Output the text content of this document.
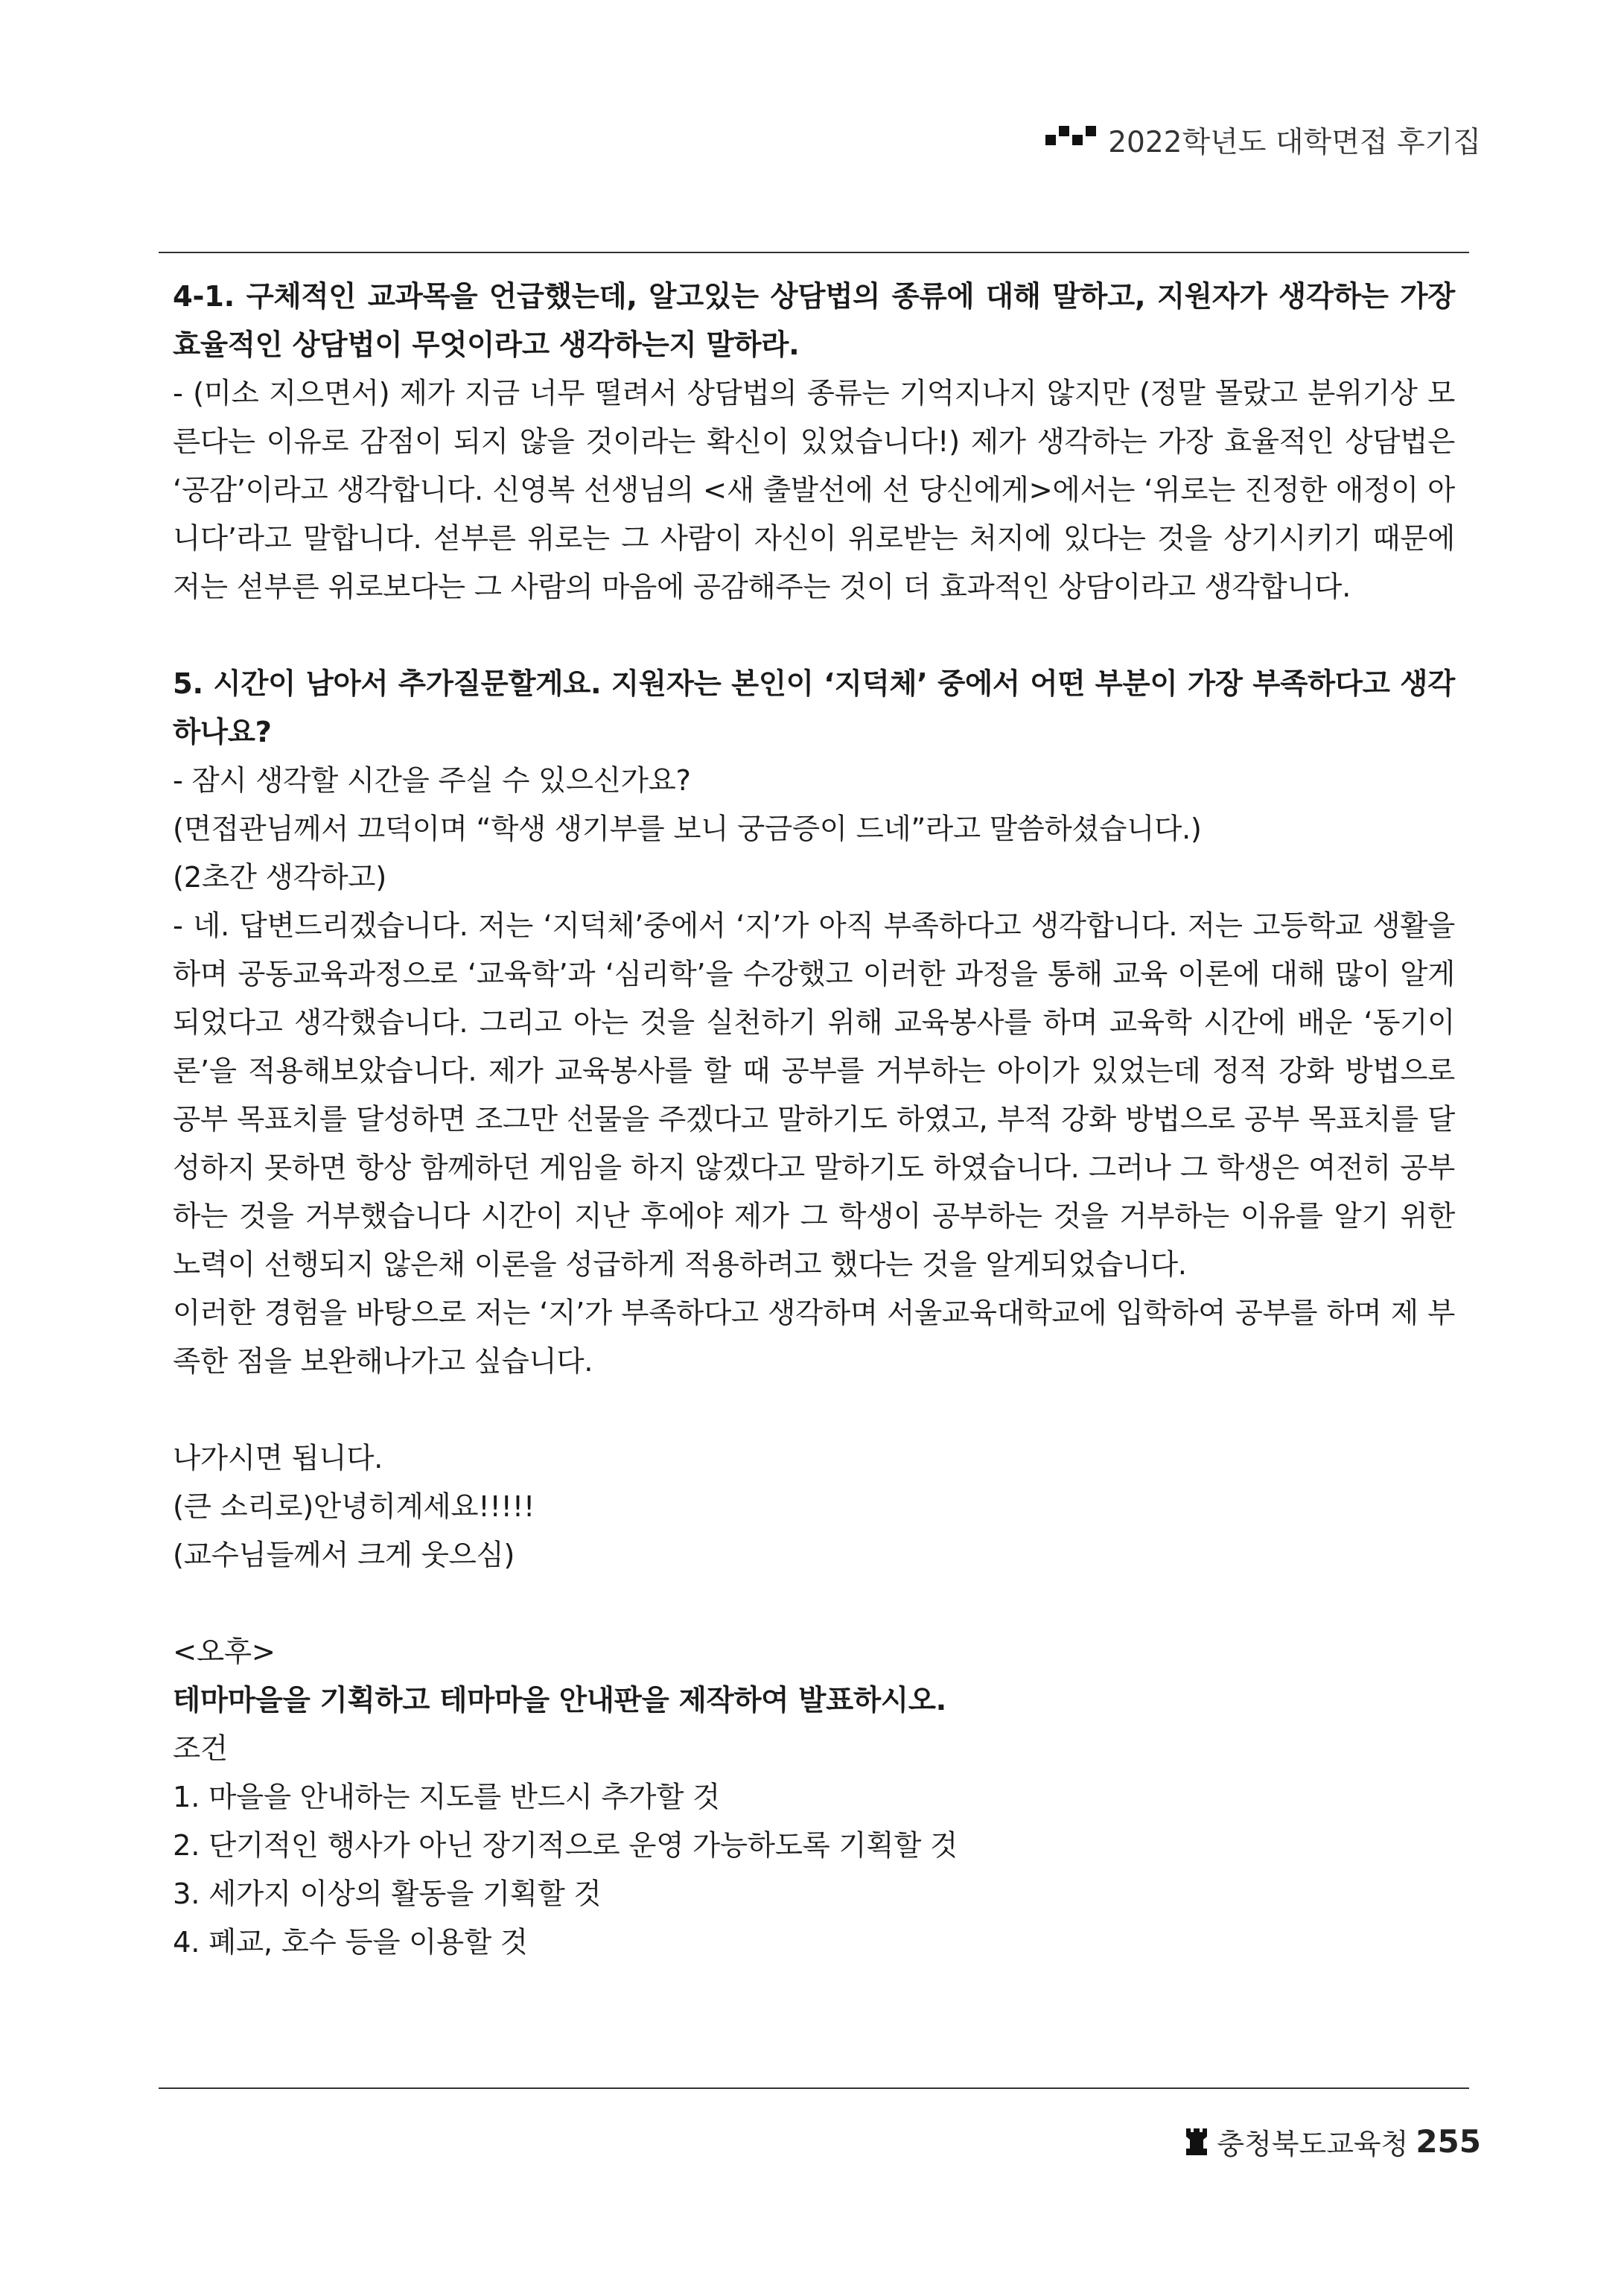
2022학년도 대학면접 후기집

4-1. 구체적인 교과목을 언급했는데, 알고있는 상담법의 종류에 대해 말하고, 지원자가 생각하는 가장 효율적인 상담법이 무엇이라고 생각하는지 말하라.

- (미소 지으면서) 제가 지금 너무 떨려서 상담법의 종류는 기억지나지 않지만 (정말 몰랐고 분위기상 모른다는 이유로 감점이 되지 않을 것이라는 확신이 있었습니다!) 제가 생각하는 가장 효율적인 상담법은 ‘공감’이라고 생각합니다. 신영복 선생님의 <새 출발선에 선 당신에게>에서는 ‘위로는 진정한 애정이 아니다’라고 말합니다. 섣부른 위로는 그 사람이 자신이 위로받는 처지에 있다는 것을 상기시키기 때문에 저는 섣부른 위로보다는 그 사람의 마음에 공감해주는 것이 더 효과적인 상담이라고 생각합니다.

5. 시간이 남아서 추가질문할게요. 지원자는 본인이 ‘지덕체’ 중에서 어떤 부분이 가장 부족하다고 생각하나요?

- 잠시 생각할 시간을 주실 수 있으신가요?

(면접관님께서 끄덕이며 “학생 생기부를 보니 궁금증이 드네”라고 말씀하셨습니다.)

(2초간 생각하고)

- 네. 답변드리겠습니다. 저는 ‘지덕체’중에서 ‘지’가 아직 부족하다고 생각합니다. 저는 고등학교 생활을 하며 공동교육과정으로 ‘교육학’과 ‘심리학’을 수강했고 이러한 과정을 통해 교육 이론에 대해 많이 알게되었다고 생각했습니다. 그리고 아는 것을 실천하기 위해 교육봉사를 하며 교육학 시간에 배운 ‘동기이론’을 적용해보았습니다. 제가 교육봉사를 할 때 공부를 거부하는 아이가 있었는데 정적 강화 방법으로 공부 목표치를 달성하면 조그만 선물을 주겠다고 말하기도 하였고, 부적 강화 방법으로 공부 목표치를 달성하지 못하면 항상 함께하던 게임을 하지 않겠다고 말하기도 하였습니다. 그러나 그 학생은 여전히 공부하는 것을 거부했습니다 시간이 지난 후에야 제가 그 학생이 공부하는 것을 거부하는 이유를 알기 위한 노력이 선행되지 않은채 이론을 성급하게 적용하려고 했다는 것을 알게되었습니다.

이러한 경험을 바탕으로 저는 ‘지’가 부족하다고 생각하며 서울교육대학교에 입학하여 공부를 하며 제 부족한 점을 보완해나가고 싶습니다.

나가시면 됩니다.

(큰 소리로)안녕히계세요!!!!!

(교수님들께서 크게 웃으심)

<오후>

테마마을을 기획하고 테마마을 안내판을 제작하여 발표하시오.

조건

1. 마을을 안내하는 지도를 반드시 추가할 것

2. 단기적인 행사가 아닌 장기적으로 운영 가능하도록 기획할 것

3. 세가지 이상의 활동을 기획할 것

4. 폐교, 호수 등을 이용할 것

충청북도교육청 255
